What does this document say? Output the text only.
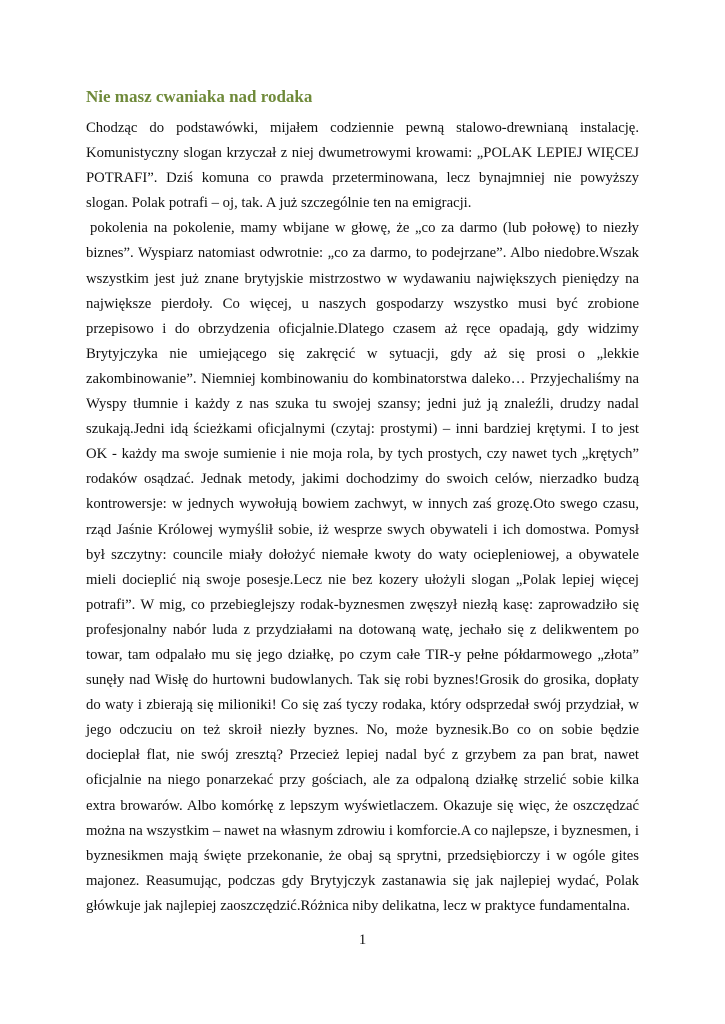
Nie masz cwaniaka nad rodaka

Chodząc do podstawówki, mijałem codziennie pewną stalowo-drewnianą instalację. Komunistyczny slogan krzyczał z niej dwumetrowymi krowami: „POLAK LEPIEJ WIĘCEJ POTRAFI”. Dziś komuna co prawda przeterminowana, lecz bynajmniej nie powyższy slogan. Polak potrafi – oj, tak. A już szczególnie ten na emigracji.

pokolenia na pokolenie, mamy wbijane w głowę, że „co za darmo (lub połowę) to niezły biznes”. Wyspiarz natomiast odwrotnie: „co za darmo, to podejrzane”. Albo niedobre.Wszak wszystkim jest już znane brytyjskie mistrzostwo w wydawaniu największych pieniędzy na największe pierdoły. Co więcej, u naszych gospodarzy wszystko musi być zrobione przepisowo i do obrzydzenia oficjalnie.Dlatego czasem aż ręce opadają, gdy widzimy Brytyjczyka nie umiejącego się zakręcić w sytuacji, gdy aż się prosi o „lekkie zakombinowanie”. Niemniej kombinowaniu do kombinatorstwa daleko… Przyjechaliśmy na Wyspy tłumnie i każdy z nas szuka tu swojej szansy; jedni już ją znaleźli, drudzy nadal szukają.Jedni idą ścieżkami oficjalnymi (czytaj: prostymi) – inni bardziej krętymi. I to jest OK - każdy ma swoje sumienie i nie moja rola, by tych prostych, czy nawet tych „krętych” rodaków osądzać. Jednak metody, jakimi dochodzimy do swoich celów, nierzadko budzą kontrowersje: w jednych wywołują bowiem zachwyt, w innych zaś grozę.Oto swego czasu, rząd Jaśnie Królowej wymyślił sobie, iż wesprze swych obywateli i ich domostwa. Pomysł był szczytny: councile miały dołożyć niemałe kwoty do waty ociepleniowej, a obywatele mieli docieplić nią swoje posesje.Lecz nie bez kozery ułożyli slogan „Polak lepiej więcej potrafi”. W mig, co przebieglejszy rodak-byznesmen zwęszył niezłą kasę: zaprowadziło się profesjonalny nabór luda z przydziałami na dotowaną watę, jechało się z delikwentem po towar, tam odpalało mu się jego działkę, po czym całe TIR-y pełne półdarmowego „złota” sunęły nad Wisłę do hurtowni budowlanych. Tak się robi byznes!Grosik do grosika, dopłaty do waty i zbierają się milioniki! Co się zaś tyczy rodaka, który odsprzedał swój przydział, w jego odczuciu on też skroił niezły byznes. No, może byznesik.Bo co on sobie będzie docieplał flat, nie swój zresztą? Przecież lepiej nadal być z grzybem za pan brat, nawet oficjalnie na niego ponarzekać przy gościach, ale za odpaloną działkę strzelić sobie kilka extra browarów. Albo komórkę z lepszym wyświetlaczem. Okazuje się więc, że oszczędzać można na wszystkim – nawet na własnym zdrowiu i komforcie.A co najlepsze, i byznesmen, i byznesikmen mają święte przekonanie, że obaj są sprytni, przedsiębiorczy i w ogóle gites majonez. Reasumując, podczas gdy Brytyjczyk zastanawia się jak najlepiej wydać, Polak główkuje jak najlepiej zaoszczędzić.Różnica niby delikatna, lecz w praktyce fundamentalna.

1
